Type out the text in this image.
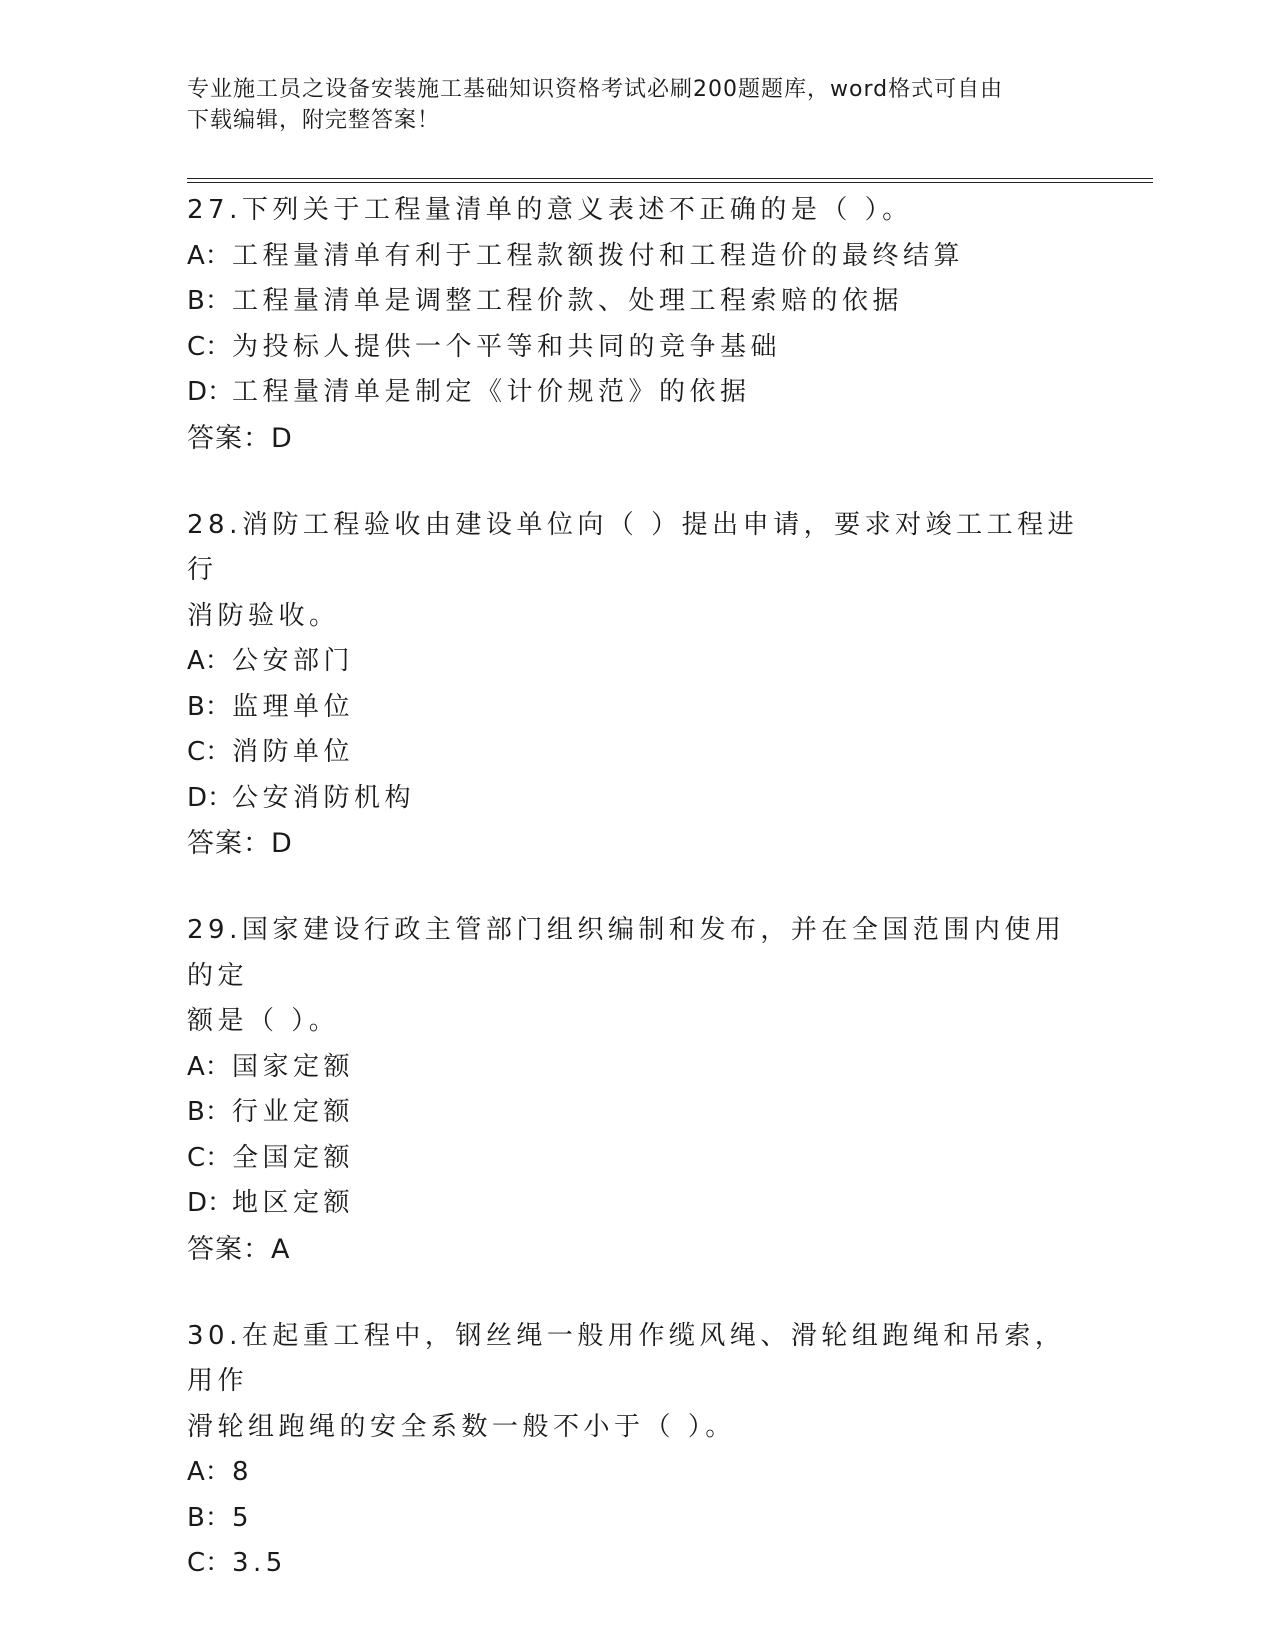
专业施工员之设备安装施工基础知识资格考试必刷200题题库，word格式可自由
下载编辑，附完整答案！

27.下列关于工程量清单的意义表述不正确的是（ ）。

A：工程量清单有利于工程款额拨付和工程造价的最终结算

B：工程量清单是调整工程价款、处理工程索赔的依据

C：为投标人提供一个平等和共同的竞争基础

D：工程量清单是制定《计价规范》的依据

答案：D

28.消防工程验收由建设单位向（ ）提出申请，要求对竣工工程进行

消防验收。

A：公安部门

B：监理单位

C：消防单位

D：公安消防机构

答案：D

29.国家建设行政主管部门组织编制和发布，并在全国范围内使用的定

额是（ ）。

A：国家定额

B：行业定额

C：全国定额

D：地区定额

答案：A

30.在起重工程中，钢丝绳一般用作缆风绳、滑轮组跑绳和吊索，用作

滑轮组跑绳的安全系数一般不小于（ ）。

A：8

B：5

C：3.5
